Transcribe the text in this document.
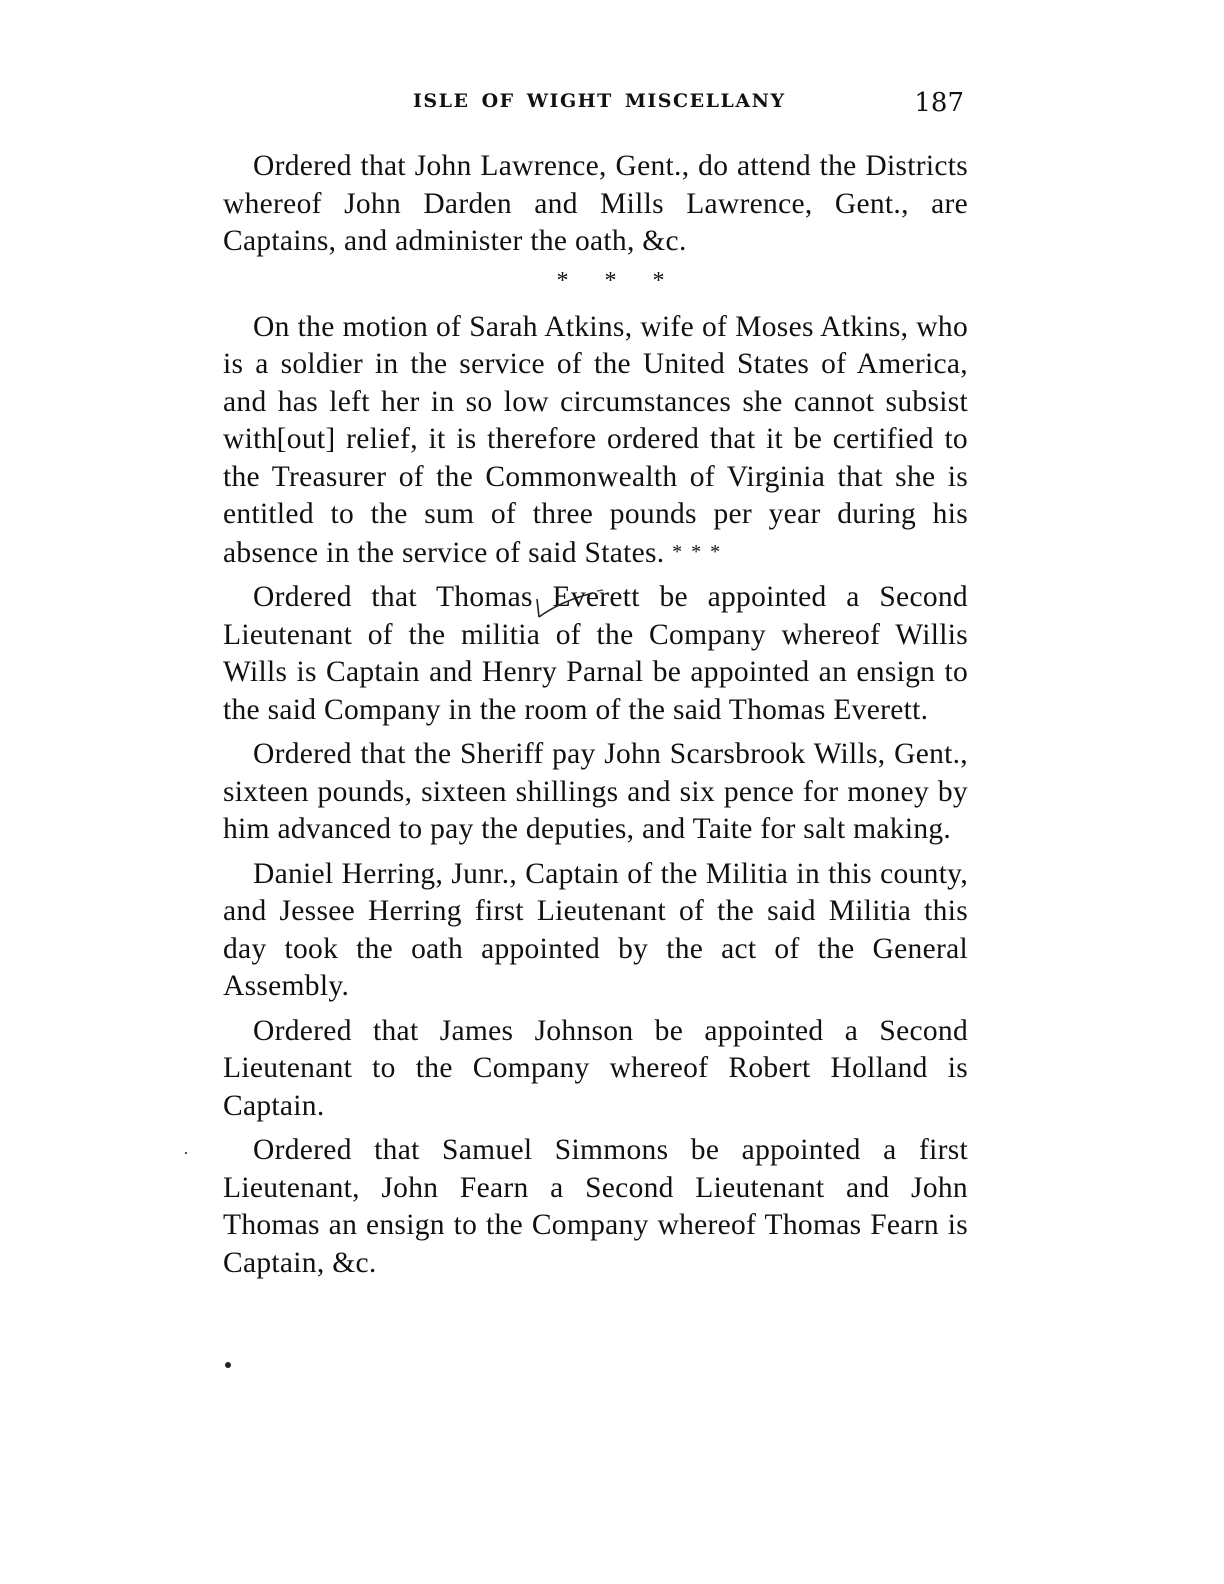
ISLE OF WIGHT MISCELLANY	187

Ordered that John Lawrence, Gent., do attend the Districts whereof John Darden and Mills Lawrence, Gent., are Captains, and administer the oath, &c.

* * *

On the motion of Sarah Atkins, wife of Moses Atkins, who is a soldier in the service of the United States of America, and has left her in so low circumstances she cannot subsist with[out] relief, it is therefore ordered that it be certified to the Treasurer of the Commonwealth of Virginia that she is entitled to the sum of three pounds per year during his absence in the service of said States. * * *

Ordered that Thomas Everett be appointed a Second Lieutenant of the militia of the Company whereof Willis Wills is Captain and Henry Parnal be appointed an ensign to the said Company in the room of the said Thomas Everett.

Ordered that the Sheriff pay John Scarsbrook Wills, Gent., sixteen pounds, sixteen shillings and six pence for money by him advanced to pay the deputies, and Taite for salt making.

Daniel Herring, Junr., Captain of the Militia in this county, and Jessee Herring first Lieutenant of the said Militia this day took the oath appointed by the act of the General Assembly.

Ordered that James Johnson be appointed a Second Lieutenant to the Company whereof Robert Holland is Captain.

Ordered that Samuel Simmons be appointed a first Lieutenant, John Fearn a Second Lieutenant and John Thomas an ensign to the Company whereof Thomas Fearn is Captain, &c.
